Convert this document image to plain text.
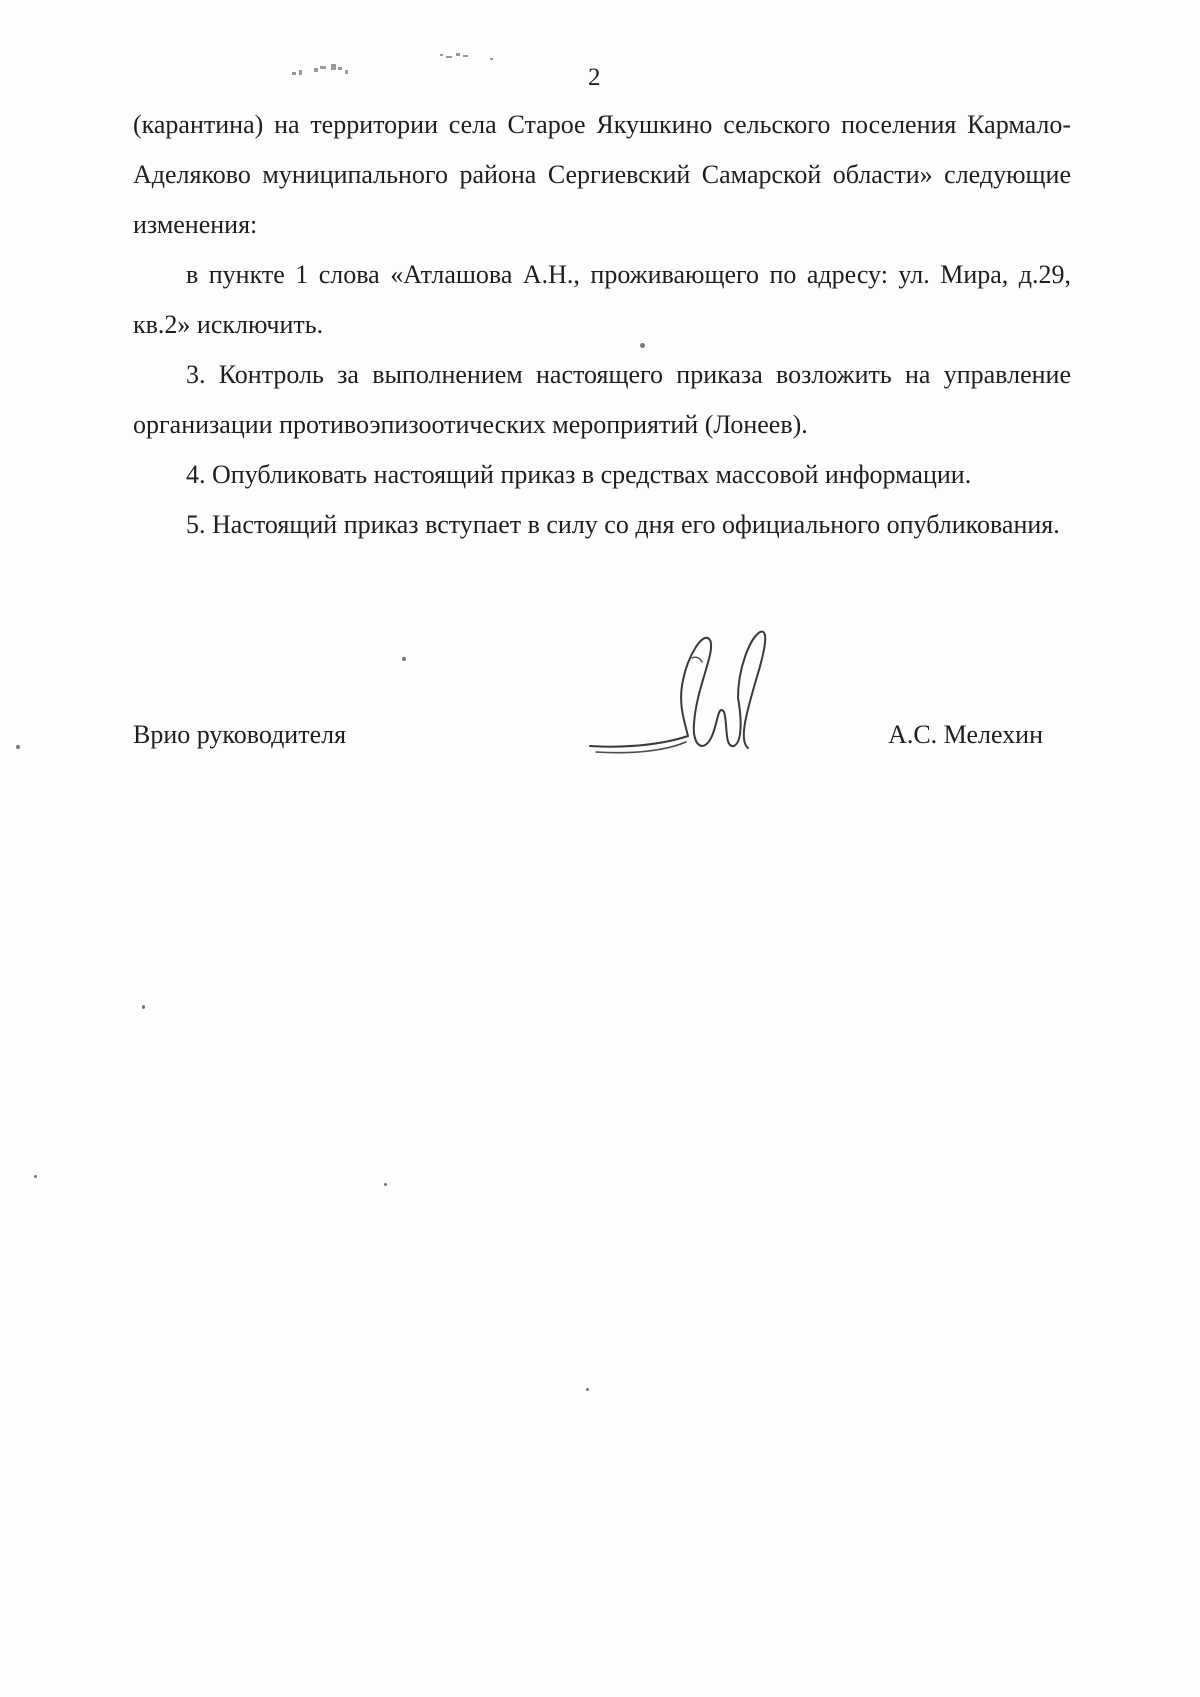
2

(карантина) на территории села Старое Якушкино сельского поселения Кармало-Аделяково муниципального района Сергиевский Самарской области» следующие изменения:

в пункте 1 слова «Атлашова А.Н., проживающего по адресу: ул. Мира, д.29, кв.2» исключить.

3. Контроль за выполнением настоящего приказа возложить на управление организации противоэпизоотических мероприятий (Лонеев).

4. Опубликовать настоящий приказ в средствах массовой информации.

5. Настоящий приказ вступает в силу со дня его официального опубликования.

Врио руководителя	А.С. Мелехин
